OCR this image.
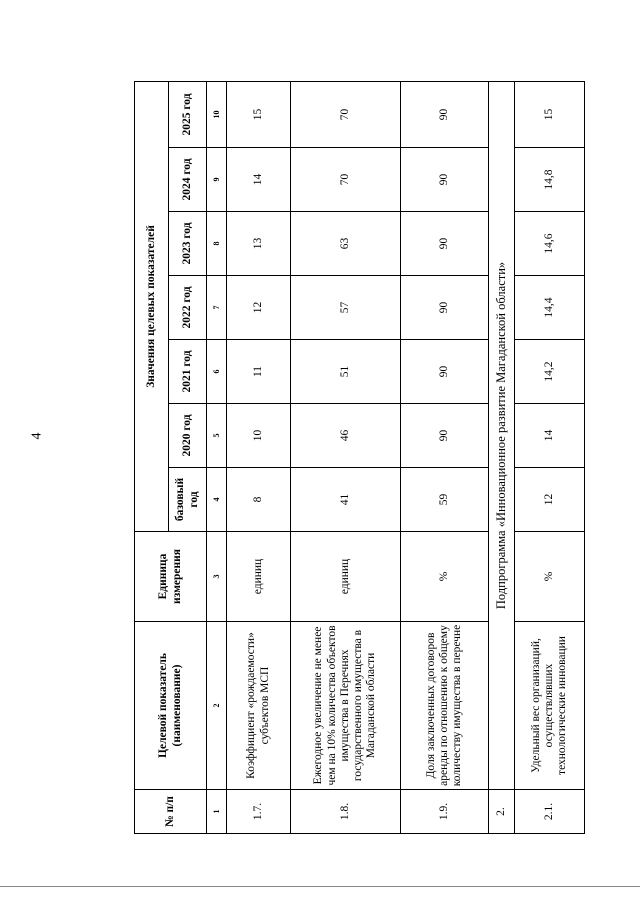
4
№ п/п	Целевой показатель (наименование)	Единица измерения	Значения целевых показателей						
			базовый год	2020 год	2021 год	2022 год	2023 год	2024 год	2025 год
1	2	3	4	5	6	7	8	9	10
1.7.	Коэффициент «рождаемости» субъектов МСП	единиц	8	10	11	12	13	14	15
1.8.	Ежегодное увеличение не менее чем на 10% количества объектов имущества в Перечнях государственного имущества в Магаданской области	единиц	41	46	51	57	63	70	70
1.9.	Доля заключенных договоров аренды по отношению к общему количеству имущества в перечне	%	59	90	90	90	90	90	90
2.	Подпрограмма «Инновационное развитие Магаданской области»								
2.1.	Удельный вес организаций, осуществлявших технологические инновации	%	12	14	14,2	14,4	14,6	14,8	15
